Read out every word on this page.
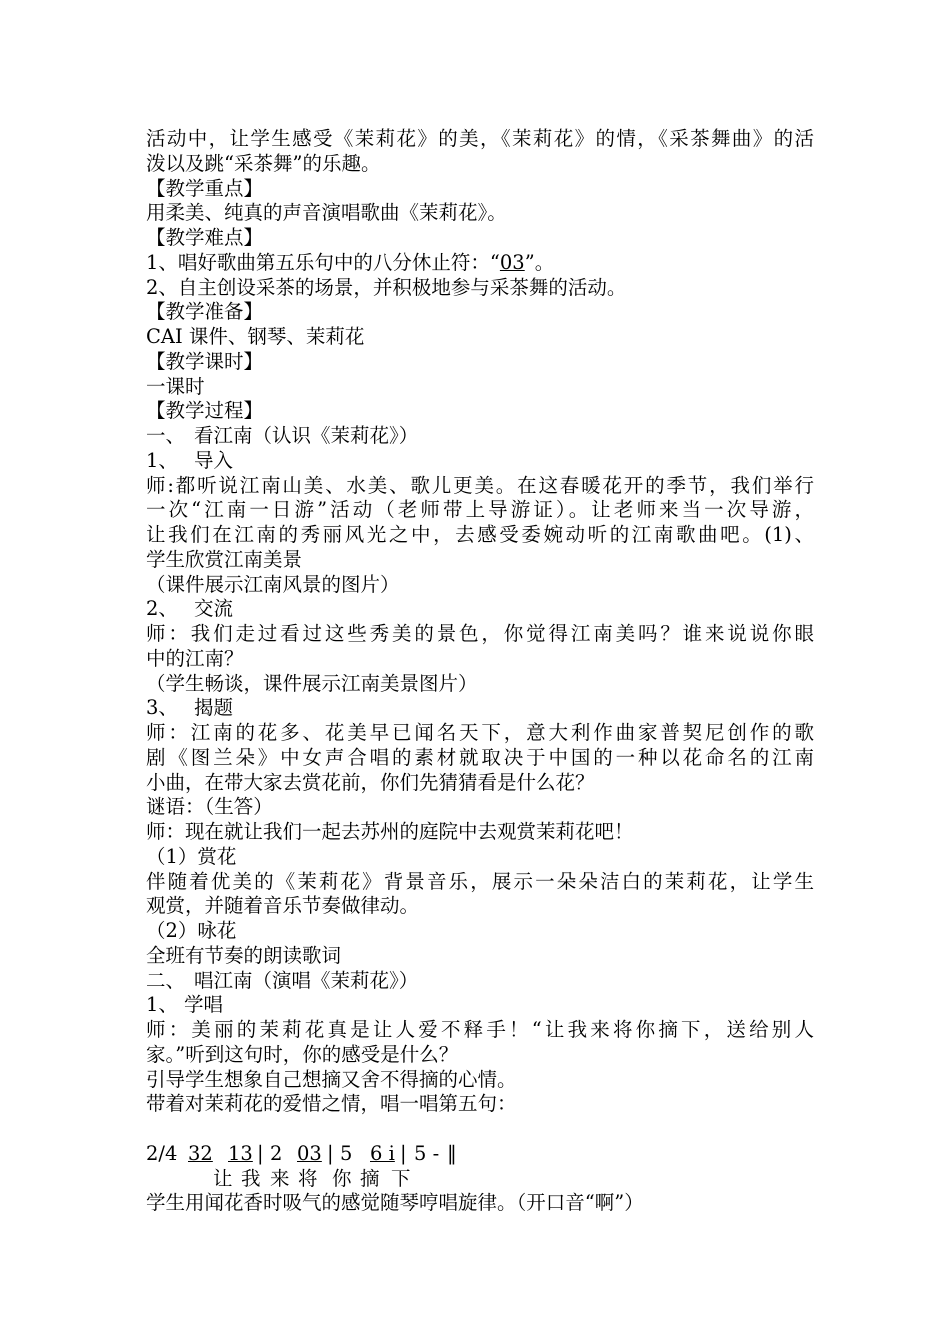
活动中，让学生感受《茉莉花》的美，《茉莉花》的情，《采茶舞曲》的活
泼以及跳“采茶舞”的乐趣。
【教学重点】
用柔美、纯真的声音演唱歌曲《茉莉花》。
【教学难点】
1、唱好歌曲第五乐句中的八分休止符：“03”。
2、自主创设采茶的场景，并积极地参与采茶舞的活动。
【教学准备】
CAI 课件、钢琴、茉莉花
【教学课时】
一课时
【教学过程】
一、 看江南（认识《茉莉花》）
1、 导入
师:都听说江南山美、水美、歌儿更美。在这春暖花开的季节，我们举行
一次“江南一日游”活动（老师带上导游证）。让老师来当一次导游，
让我们在江南的秀丽风光之中，去感受委婉动听的江南歌曲吧。(1)、
学生欣赏江南美景
（课件展示江南风景的图片）
2、 交流
师：我们走过看过这些秀美的景色，你觉得江南美吗？谁来说说你眼
中的江南？
（学生畅谈，课件展示江南美景图片）
3、 揭题
师：江南的花多、花美早已闻名天下，意大利作曲家普契尼创作的歌
剧《图兰朵》中女声合唱的素材就取决于中国的一种以花命名的江南
小曲，在带大家去赏花前，你们先猜猜看是什么花？
谜语：（生答）
师：现在就让我们一起去苏州的庭院中去观赏茉莉花吧！
（1）赏花
伴随着优美的《茉莉花》背景音乐，展示一朵朵洁白的茉莉花，让学生
观赏，并随着音乐节奏做律动。
（2）咏花
全班有节奏的朗读歌词
二、 唱江南（演唱《茉莉花》）
1、 学唱
师：美丽的茉莉花真是让人爱不释手！“让我来将你摘下，送给别人
家。”听到这句时，你的感受是什么？
引导学生想象自己想摘又舍不得摘的心情。
带着对茉莉花的爱惜之情，唱一唱第五句：
2/4 32 13 | 2 03 | 5 6 i | 5 - ‖
让 我 来 将 你 摘 下
学生用闻花香时吸气的感觉随琴哼唱旋律。（开口音“啊”）
